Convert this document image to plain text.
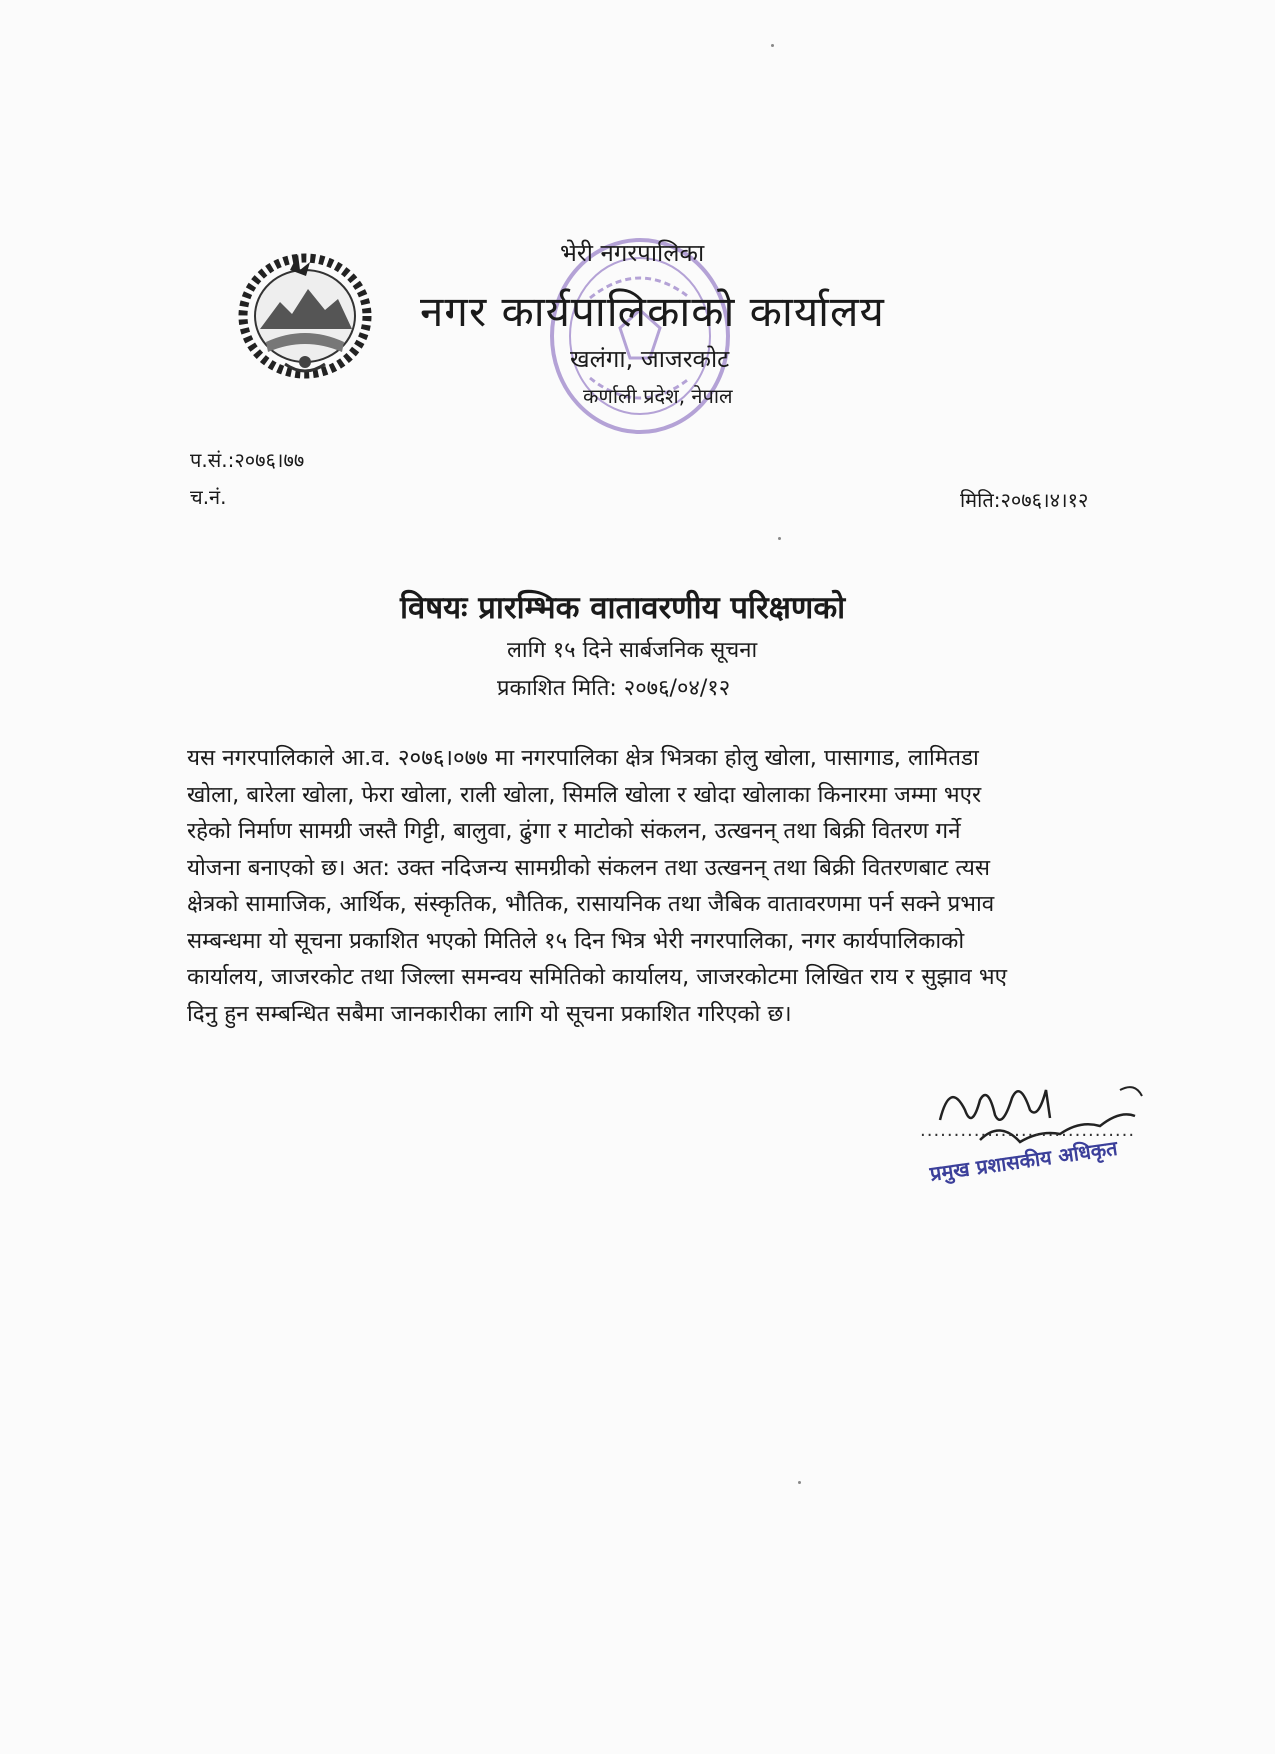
भेरी नगरपालिका
नगर कार्यपालिकाको कार्यालय
खलंगा, जाजरकोट
कर्णाली प्रदेश, नेपाल
प.सं.:२०७६।७७
च.नं.	मिति:२०७६।४।१२
विषयः प्रारम्भिक वातावरणीय परिक्षणको
लागि १५ दिने सार्बजनिक सूचना
प्रकाशित मिति: २०७६/०४/१२
यस नगरपालिकाले आ.व. २०७६।०७७ मा नगरपालिका क्षेत्र भित्रका होलु खोला, पासागाड, लामितडा
खोला, बारेला खोला, फेरा खोला, राली खोला, सिमलि खोला र खोदा खोलाका किनारमा जम्मा भएर
रहेको निर्माण सामग्री जस्तै गिट्टी, बालुवा, ढुंगा र माटोको संकलन, उत्खनन् तथा बिक्री वितरण गर्ने
योजना बनाएको छ। अत: उक्त नदिजन्य सामग्रीको संकलन तथा उत्खनन् तथा बिक्री वितरणबाट त्यस
क्षेत्रको सामाजिक, आर्थिक, संस्कृतिक, भौतिक, रासायनिक तथा जैबिक वातावरणमा पर्न सक्ने प्रभाव
सम्बन्धमा यो सूचना प्रकाशित भएको मितिले १५ दिन भित्र भेरी नगरपालिका, नगर कार्यपालिकाको
कार्यालय, जाजरकोट तथा जिल्ला समन्वय समितिको कार्यालय, जाजरकोटमा लिखित राय र सुझाव भए
दिनु हुन सम्बन्धित सबैमा जानकारीका लागि यो सूचना प्रकाशित गरिएको छ।
................................
प्रमुख प्रशासकीय अधिकृत
